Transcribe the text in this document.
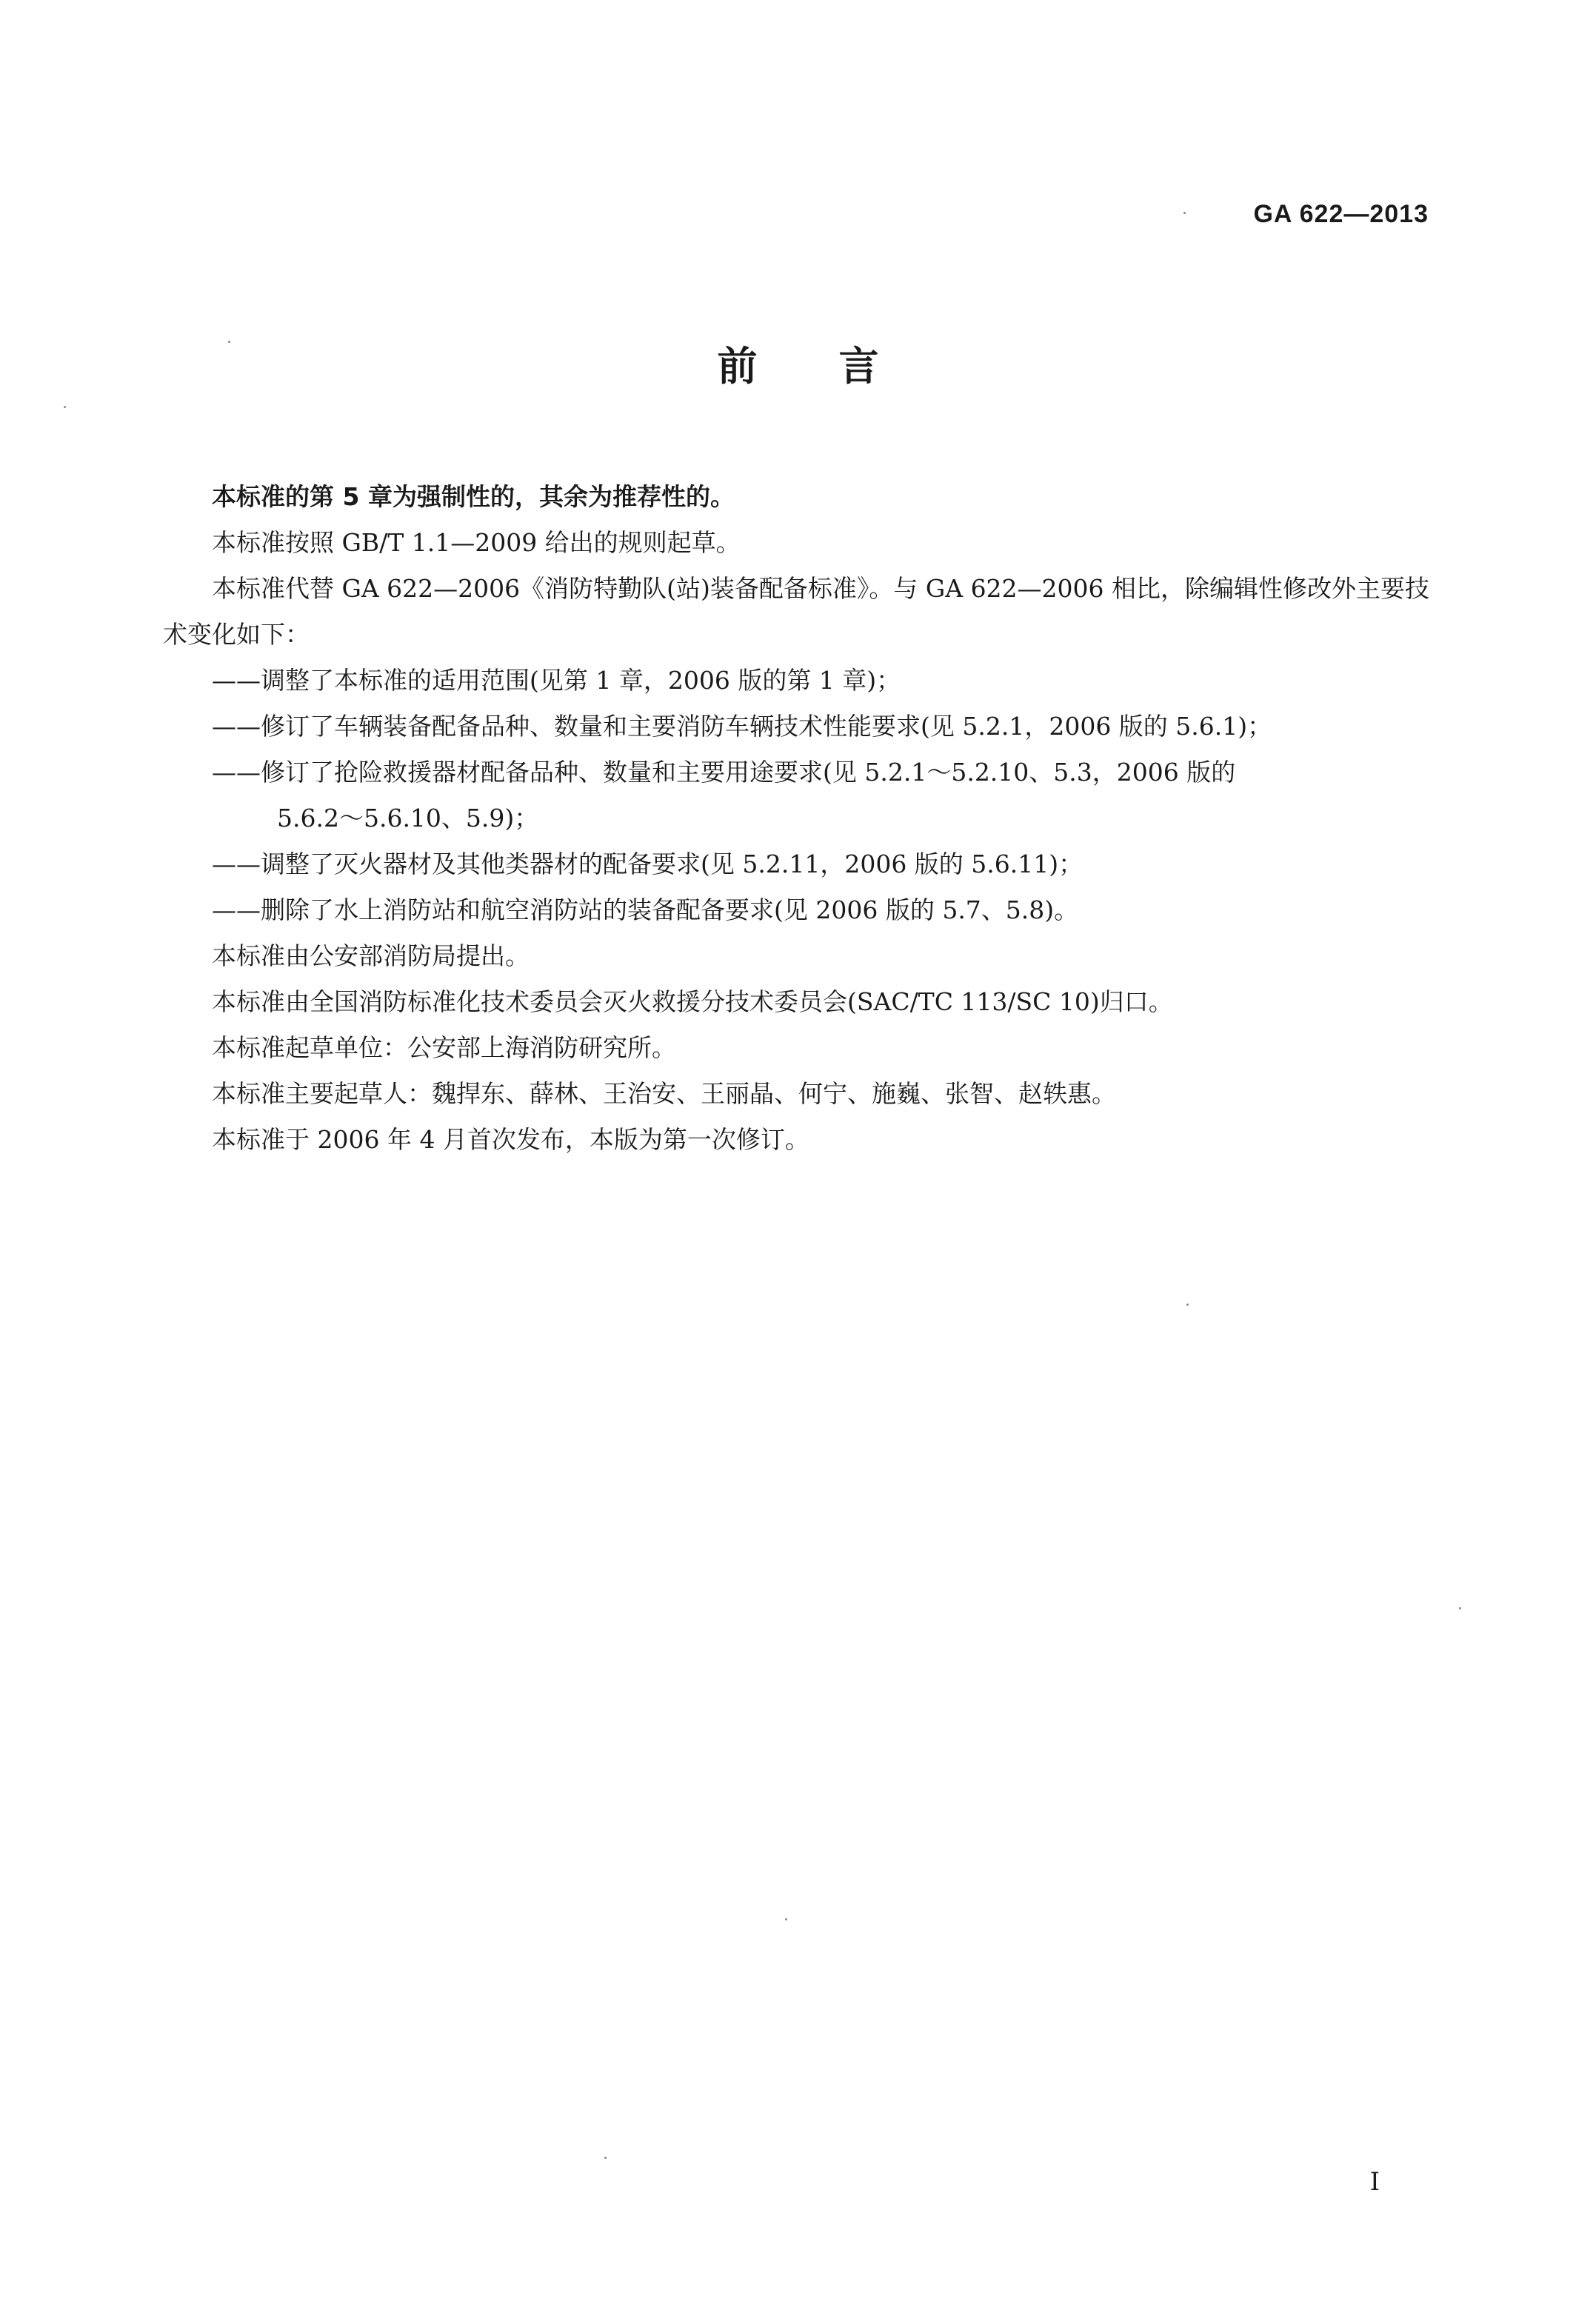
GA 622—2013
前言

本标准的第 5 章为强制性的，其余为推荐性的。

本标准按照 GB/T 1.1—2009 给出的规则起草。

本标准代替 GA 622—2006《消防特勤队(站)装备配备标准》。与 GA 622—2006 相比，除编辑性修改外主要技术变化如下：

——调整了本标准的适用范围(见第 1 章，2006 版的第 1 章)；

——修订了车辆装备配备品种、数量和主要消防车辆技术性能要求(见 5.2.1，2006 版的 5.6.1)；

——修订了抢险救援器材配备品种、数量和主要用途要求(见 5.2.1～5.2.10、5.3，2006 版的
5.6.2～5.6.10、5.9)；

——调整了灭火器材及其他类器材的配备要求(见 5.2.11，2006 版的 5.6.11)；

——删除了水上消防站和航空消防站的装备配备要求(见 2006 版的 5.7、5.8)。

本标准由公安部消防局提出。

本标准由全国消防标准化技术委员会灭火救援分技术委员会(SAC/TC 113/SC 10)归口。

本标准起草单位：公安部上海消防研究所。

本标准主要起草人：魏捍东、薛林、王治安、王丽晶、何宁、施巍、张智、赵轶惠。

本标准于 2006 年 4 月首次发布，本版为第一次修订。

I
